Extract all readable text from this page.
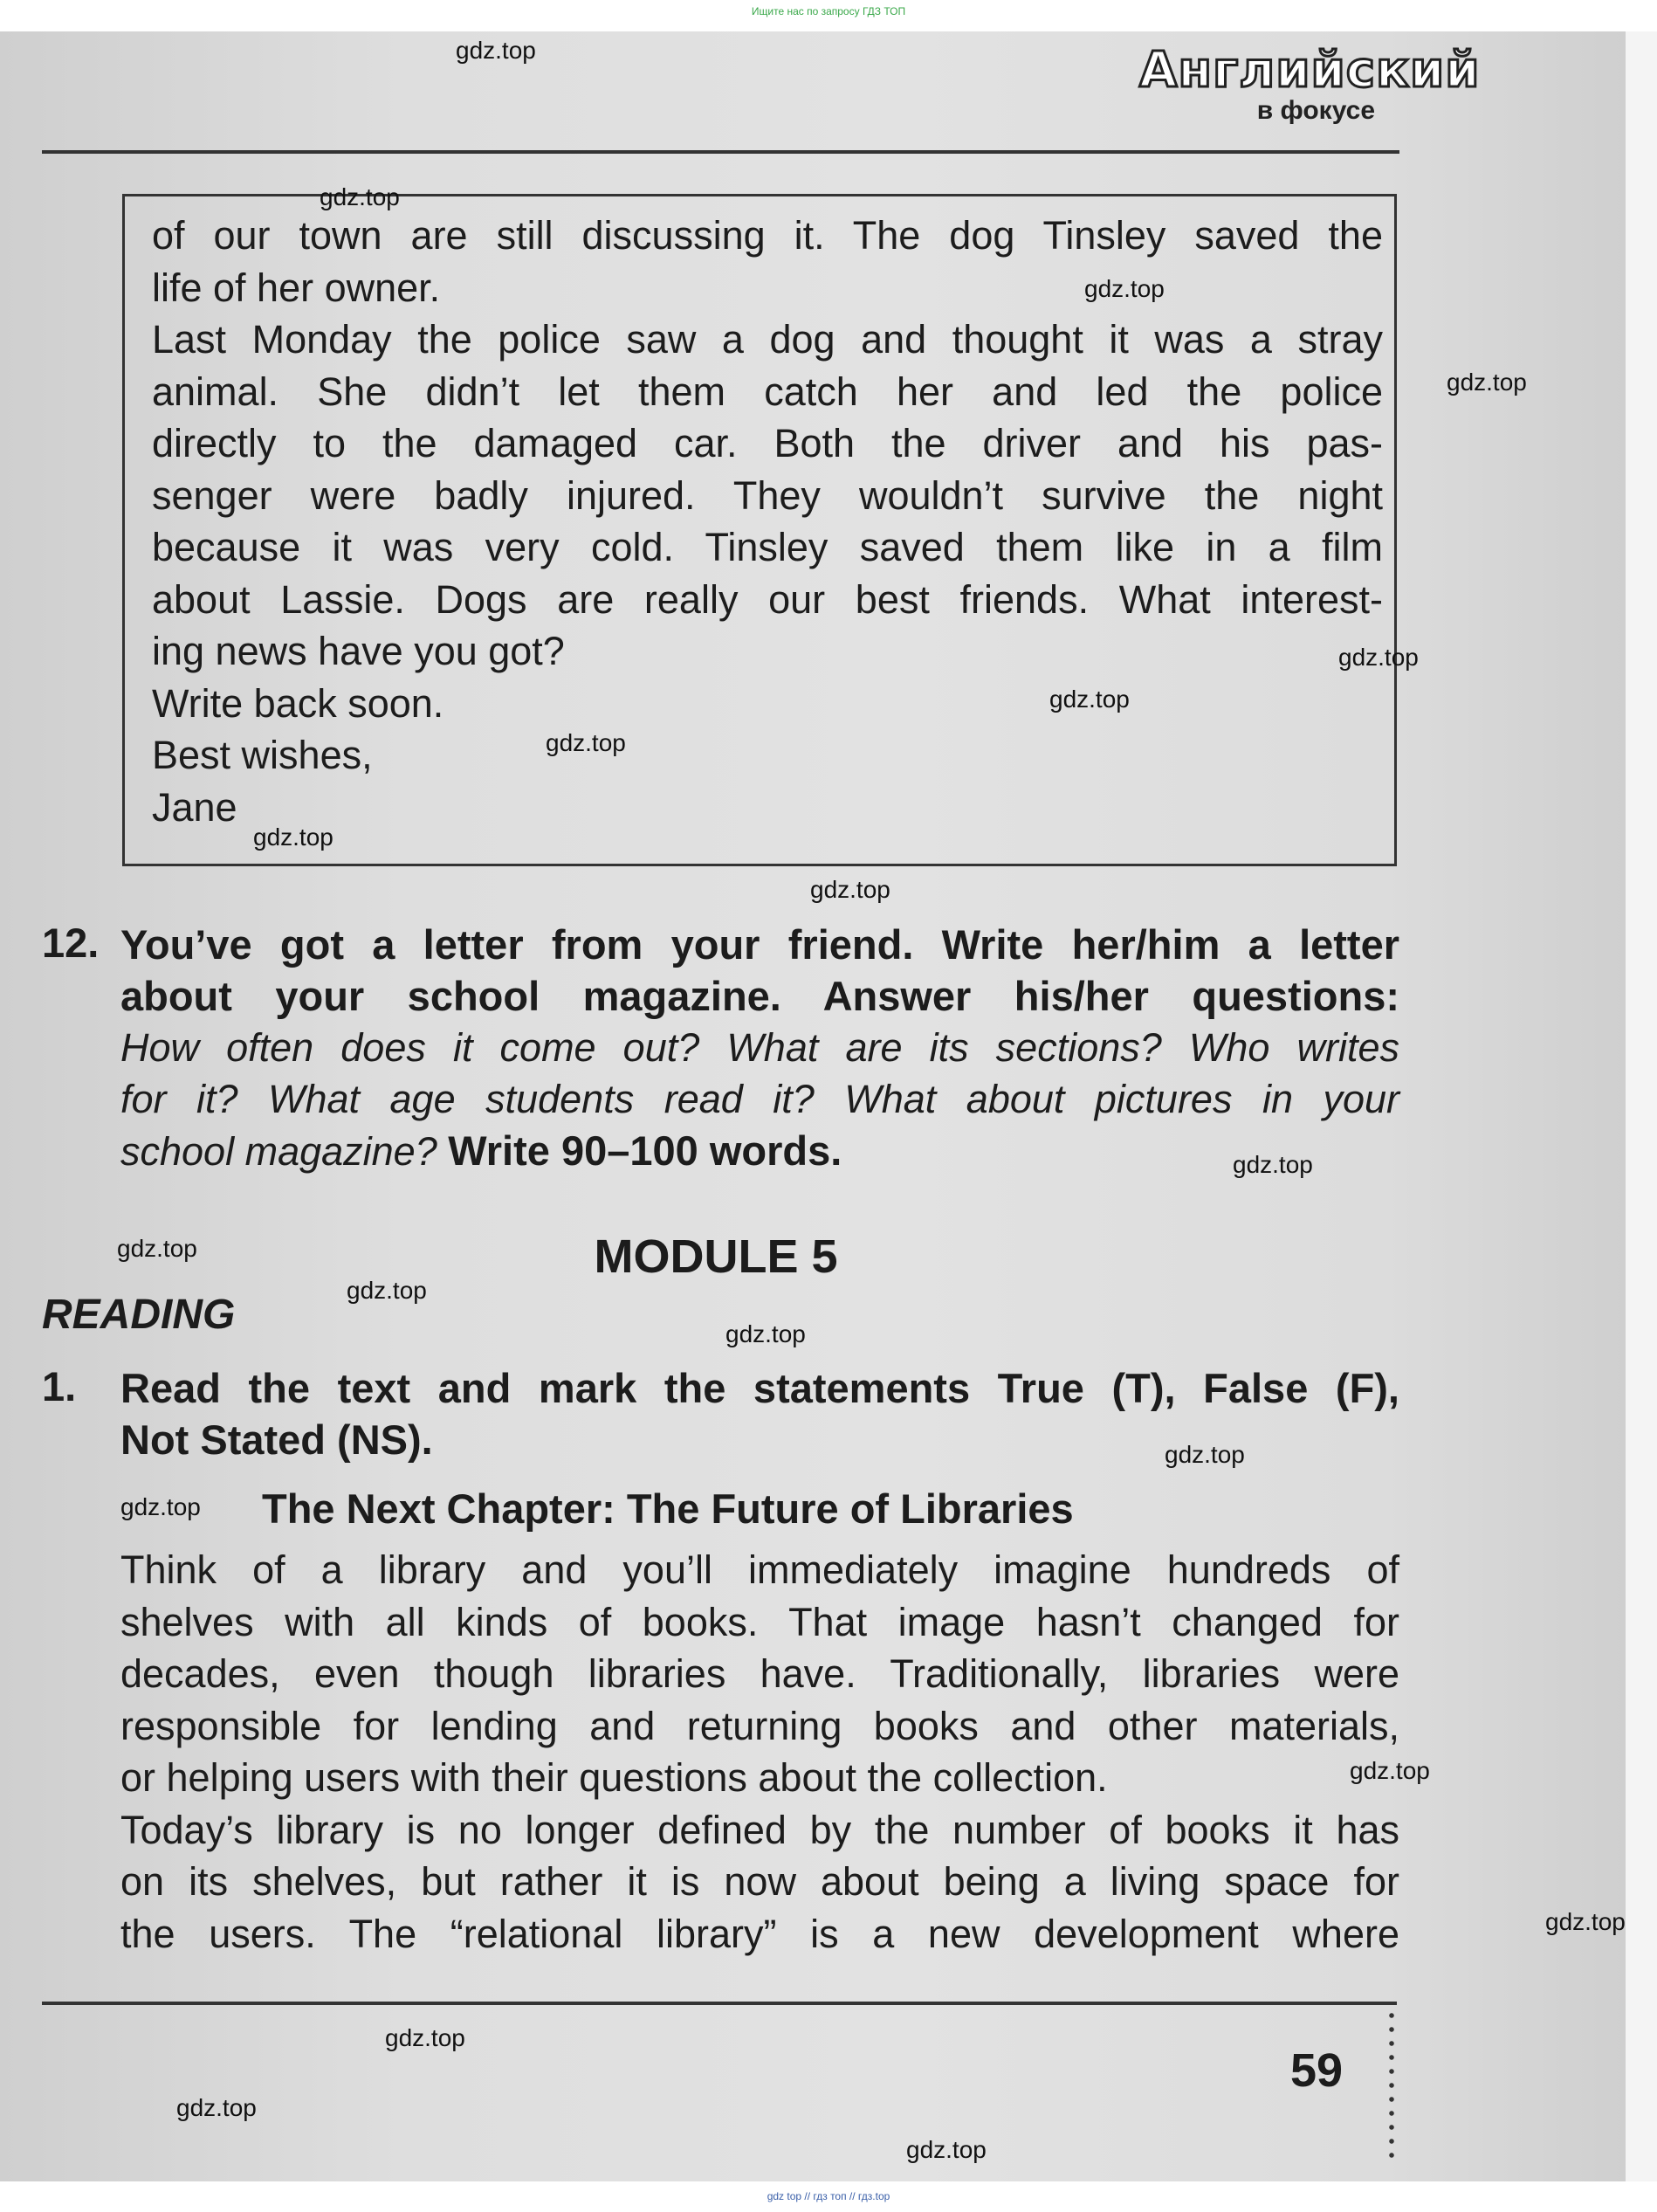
Ищите нас по запросу ГДЗ ТОП
Английский
в фокусе
of our town are still discussing it. The dog Tinsley saved the
life of her owner.
Last Monday the police saw a dog and thought it was a stray
animal. She didn’t let them catch her and led the police
directly to the damaged car. Both the driver and his pas-
senger were badly injured. They wouldn’t survive the night
because it was very cold. Tinsley saved them like in a film
about Lassie. Dogs are really our best friends. What interest-
ing news have you got?
Write back soon.
Best wishes,
Jane
12. You’ve got a letter from your friend. Write her/him a letter
about your school magazine. Answer his/her questions:
How often does it come out? What are its sections? Who writes
for it? What age students read it? What about pictures in your
school magazine? Write 90–100 words.
MODULE 5
READING
1. Read the text and mark the statements True (T), False (F),
Not Stated (NS).
The Next Chapter: The Future of Libraries
Think of a library and you’ll immediately imagine hundreds of
shelves with all kinds of books. That image hasn’t changed for
decades, even though libraries have. Traditionally, libraries were
responsible for lending and returning books and other materials,
or helping users with their questions about the collection.
Today’s library is no longer defined by the number of books it has
on its shelves, but rather it is now about being a living space for
the users. The “relational library” is a new development where
59
gdz.top
gdz.top
gdz.top
gdz.top
gdz.top
gdz.top
gdz.top
gdz.top
gdz.top
gdz.top
gdz.top
gdz.top
gdz.top
gdz.top
gdz.top
gdz.top
gdz.top
gdz.top
gdz.top
gdz.top
gdz top // гдз топ // гдз.top
